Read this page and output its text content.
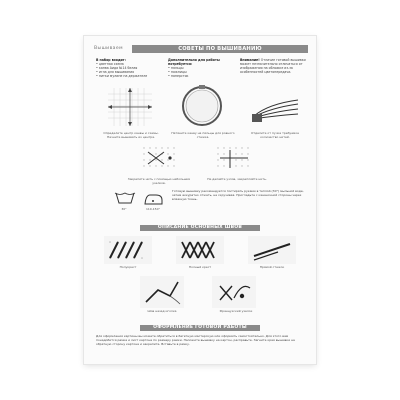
Вышиваем	СОВЕТЫ ПО ВЫШИВАНИЮ
В набор входит:
• цветная схема
• канва Аида №14 белая
• игла для вышивания
• нитки мулине на держателе
Дополнительно для работы потребуется:
• пяльцы
• ножницы
• наперсток
Внимание! Отличие готовой вышивки может незначительно отличаться от изображения на обложке из-за особенностей цветопередачи.
Определите центр канвы и схемы. Начните вышивать из центра.
Натяните канву на пяльцы для ровного стежка.
Отделите от пучка требуемое количество нитей.
Закрепите нить с помощью небольших узелков.
Не делайте узлов, закрепляйте нить.
30°	110-150°
Готовую вышивку рекомендуется постирать руками в теплой (30°) мыльной воде, затем аккуратно отжать, не скручивая. Прогладьте с изнаночной стороны через влажную ткань.
ОПИСАНИЕ ОСНОВНЫХ ШВОВ
Полукрест	Полный крест	Прямой стежок
Шов назад иголка	Французский узелок
ОФОРМЛЕНИЕ ГОТОВОЙ РАБОТЫ
Для оформления картины вы можете обратиться в багетную мастерскую или оформить самостоятельно. Для этого вам понадобится рамка и лист картона по размеру рамки. Наложите вышивку на картон, расправьте. Загните края вышивки на обратную сторону картона и закрепите. Вставьте в рамку.
